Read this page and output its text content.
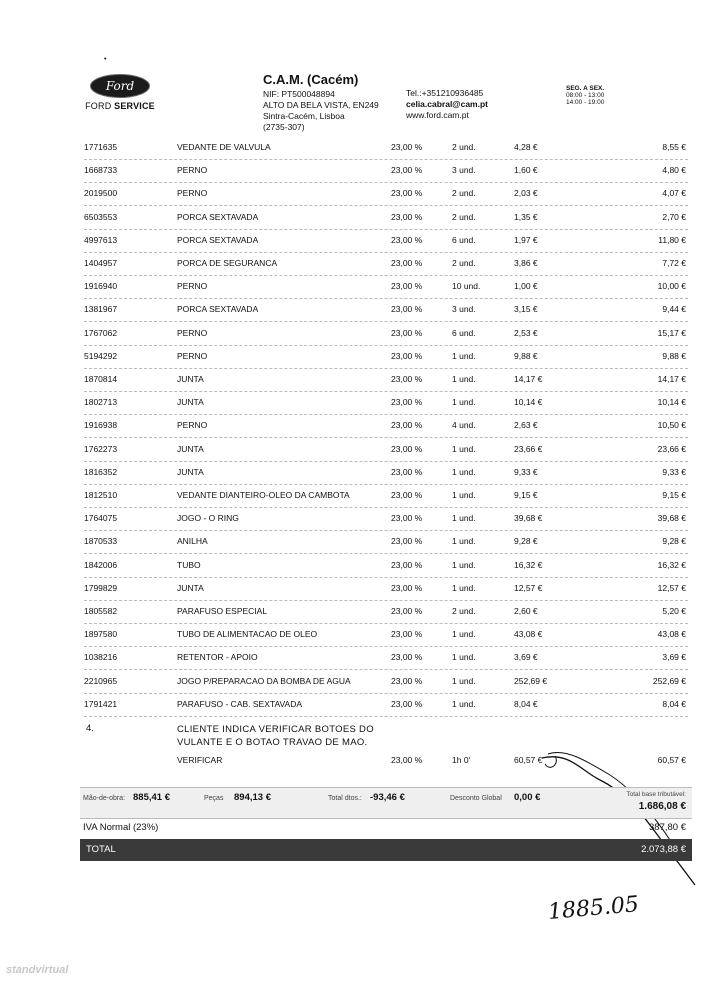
•
Ford
FORD SERVICE
C.A.M. (Cacém)
NIF: PT500048894
ALTO DA BELA VISTA, EN249
Sintra-Cacém, Lisboa
(2735-307)
Tel.:+351210936485
celia.cabral@cam.pt
www.ford.cam.pt
SEG. A SEX.
08:00 - 13:00
14:00 - 19:00
1771635	VEDANTE DE VALVULA	23,00 %	2 und.	4,28 €	8,55 €
1668733	PERNO	23,00 %	3 und.	1,60 €	4,80 €
2019500	PERNO	23,00 %	2 und.	2,03 €	4,07 €
6503553	PORCA SEXTAVADA	23,00 %	2 und.	1,35 €	2,70 €
4997613	PORCA SEXTAVADA	23,00 %	6 und.	1,97 €	11,80 €
1404957	PORCA DE SEGURANCA	23,00 %	2 und.	3,86 €	7,72 €
1916940	PERNO	23,00 %	10 und.	1,00 €	10,00 €
1381967	PORCA SEXTAVADA	23,00 %	3 und.	3,15 €	9,44 €
1767062	PERNO	23,00 %	6 und.	2,53 €	15,17 €
5194292	PERNO	23,00 %	1 und.	9,88 €	9,88 €
1870814	JUNTA	23,00 %	1 und.	14,17 €	14,17 €
1802713	JUNTA	23,00 %	1 und.	10,14 €	10,14 €
1916938	PERNO	23,00 %	4 und.	2,63 €	10,50 €
1762273	JUNTA	23,00 %	1 und.	23,66 €	23,66 €
1816352	JUNTA	23,00 %	1 und.	9,33 €	9,33 €
1812510	VEDANTE DIANTEIRO-OLEO DA CAMBOTA	23,00 %	1 und.	9,15 €	9,15 €
1764075	JOGO - O RING	23,00 %	1 und.	39,68 €	39,68 €
1870533	ANILHA	23,00 %	1 und.	9,28 €	9,28 €
1842006	TUBO	23,00 %	1 und.	16,32 €	16,32 €
1799829	JUNTA	23,00 %	1 und.	12,57 €	12,57 €
1805582	PARAFUSO ESPECIAL	23,00 %	2 und.	2,60 €	5,20 €
1897580	TUBO DE ALIMENTACAO DE OLEO	23,00 %	1 und.	43,08 €	43,08 €
1038216	RETENTOR - APOIO	23,00 %	1 und.	3,69 €	3,69 €
2210965	JOGO P/REPARACAO DA BOMBA DE AGUA	23,00 %	1 und.	252,69 €	252,69 €
1791421	PARAFUSO - CAB. SEXTAVADA	23,00 %	1 und.	8,04 €	8,04 €
4.	CLIENTE INDICA VERIFICAR BOTOES DO
VULANTE E O BOTAO TRAVAO DE MAO.
VERIFICAR	23,00 %	1h 0'	60,57 €	60,57 €
Mão-de-obra: 885,41 €	Peças 894,13 €	Total dtos.: -93,46 €	Desconto Global 0,00 €	Total base tributável:
1.686,08 €
IVA Normal (23%)	387,80 €
TOTAL	2.073,88 €
1885.05
standvirtual
